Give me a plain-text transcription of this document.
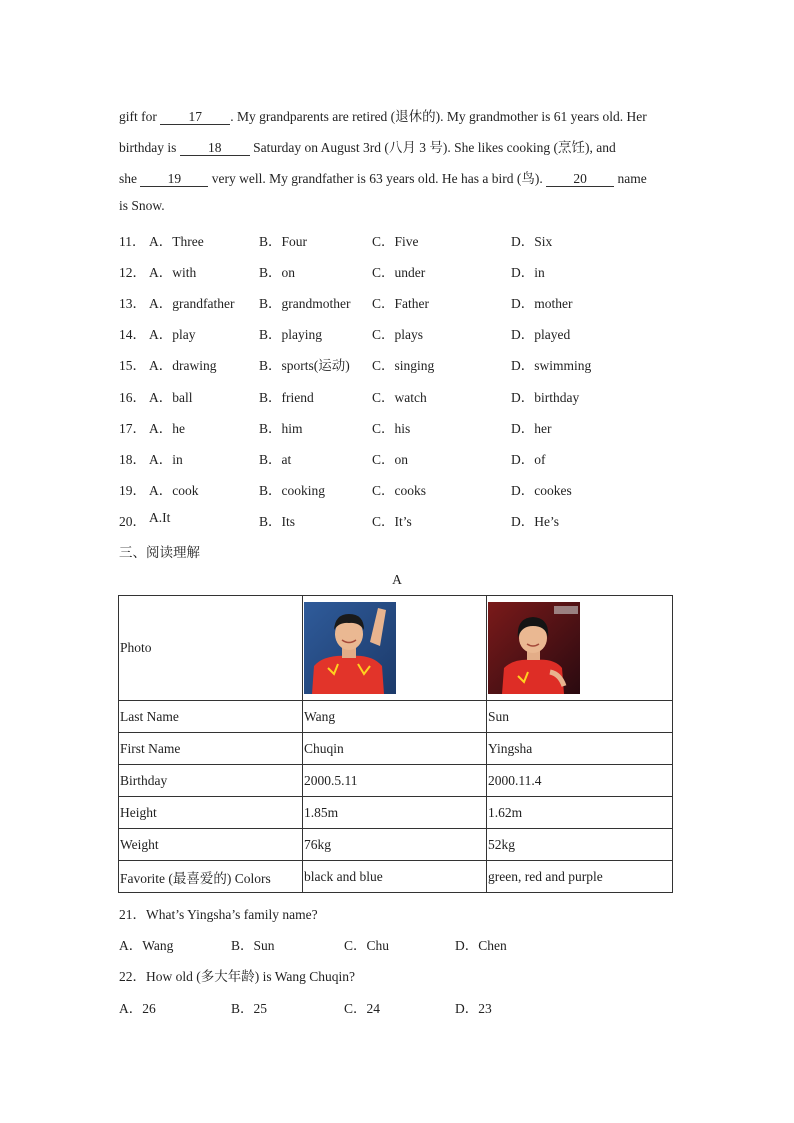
gift for 17 . My grandparents are retired (退休的). My grandmother is 61 years old. Her
birthday is 18 Saturday on August 3rd (八月 3 号). She likes cooking (烹饪), and
she 19 very well. My grandfather is 63 years old. He has a bird (鸟). 20 name
is Snow.
11． A．Three	B．Four	C．Five	D．Six
12． A．with	B．on	C．under	D．in
13． A．grandfather B．grandmother C．Father	D．mother
14． A．play	B．playing	C．plays	D．played
15． A．drawing	B．sports(运动) C．singing	D．swimming
16． A．ball	B．friend	C．watch	D．birthday
17． A．he	B．him	C．his	D．her
18． A．in	B．at	C．on	D．of
19． A．cook	B．cooking	C．cooks	D．cookes
20． A.It	B．Its	C．It’s	D．He’s
三、阅读理解
A
Photo	

Last Name	Wang	Sun
First Name	Chuqin	Yingsha
Birthday	2000.5.11	2000.11.4
Height	1.85m	1.62m
Weight	76kg	52kg
Favorite (最喜爱的) Colors	black and blue	green, red and purple
21．What’s Yingsha’s family name?
A．Wang	B．Sun	C．Chu	D．Chen
22．How old (多大年龄) is Wang Chuqin?
A．26	B．25	C．24	D．23
